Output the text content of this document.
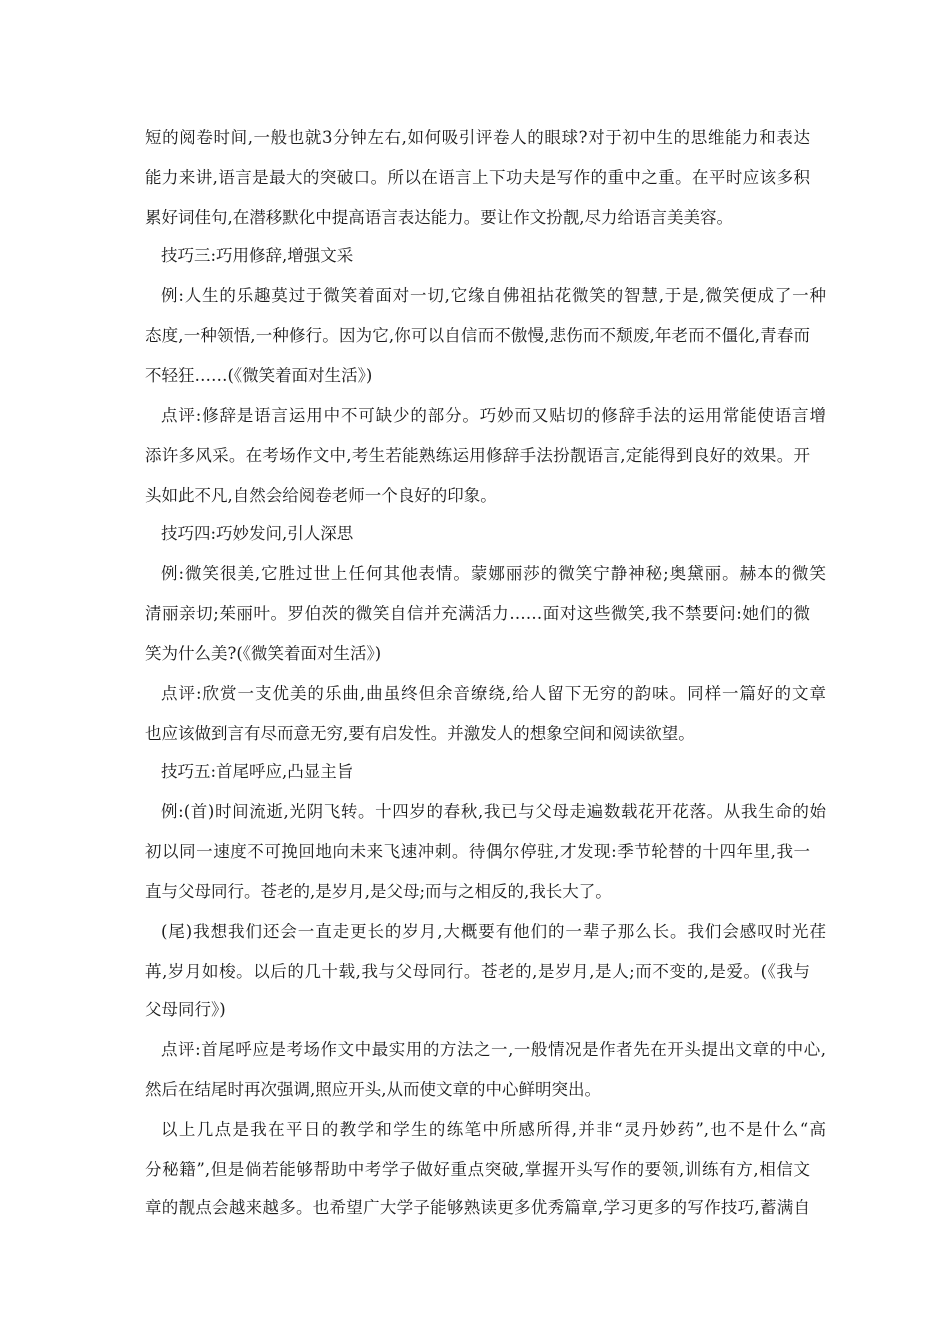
短的阅卷时间,一般也就3分钟左右,如何吸引评卷人的眼球?对于初中生的思维能力和表达
能力来讲,语言是最大的突破口。所以在语言上下功夫是写作的重中之重。在平时应该多积
累好词佳句,在潜移默化中提高语言表达能力。要让作文扮靓,尽力给语言美美容。
技巧三:巧用修辞,增强文采
例:人生的乐趣莫过于微笑着面对一切,它缘自佛祖拈花微笑的智慧,于是,微笑便成了一种
态度,一种领悟,一种修行。因为它,你可以自信而不傲慢,悲伤而不颓废,年老而不僵化,青春而
不轻狂……(《微笑着面对生活》)
点评:修辞是语言运用中不可缺少的部分。巧妙而又贴切的修辞手法的运用常能使语言增
添许多风采。在考场作文中,考生若能熟练运用修辞手法扮靓语言,定能得到良好的效果。开
头如此不凡,自然会给阅卷老师一个良好的印象。
技巧四:巧妙发问,引人深思
例:微笑很美,它胜过世上任何其他表情。蒙娜丽莎的微笑宁静神秘;奥黛丽。赫本的微笑
清丽亲切;茱丽叶。罗伯茨的微笑自信并充满活力……面对这些微笑,我不禁要问:她们的微
笑为什么美?(《微笑着面对生活》)
点评:欣赏一支优美的乐曲,曲虽终但余音缭绕,给人留下无穷的韵味。同样一篇好的文章
也应该做到言有尽而意无穷,要有启发性。并激发人的想象空间和阅读欲望。
技巧五:首尾呼应,凸显主旨
例:(首)时间流逝,光阴飞转。十四岁的春秋,我已与父母走遍数载花开花落。从我生命的始
初以同一速度不可挽回地向未来飞速冲刺。待偶尔停驻,才发现:季节轮替的十四年里,我一
直与父母同行。苍老的,是岁月,是父母;而与之相反的,我长大了。
(尾)我想我们还会一直走更长的岁月,大概要有他们的一辈子那么长。我们会感叹时光荏
苒,岁月如梭。以后的几十载,我与父母同行。苍老的,是岁月,是人;而不变的,是爱。(《我与
父母同行》)
点评:首尾呼应是考场作文中最实用的方法之一,一般情况是作者先在开头提出文章的中心,
然后在结尾时再次强调,照应开头,从而使文章的中心鲜明突出。
以上几点是我在平日的教学和学生的练笔中所感所得,并非“灵丹妙药”,也不是什么“高
分秘籍”,但是倘若能够帮助中考学子做好重点突破,掌握开头写作的要领,训练有方,相信文
章的靓点会越来越多。也希望广大学子能够熟读更多优秀篇章,学习更多的写作技巧,蓄满自
